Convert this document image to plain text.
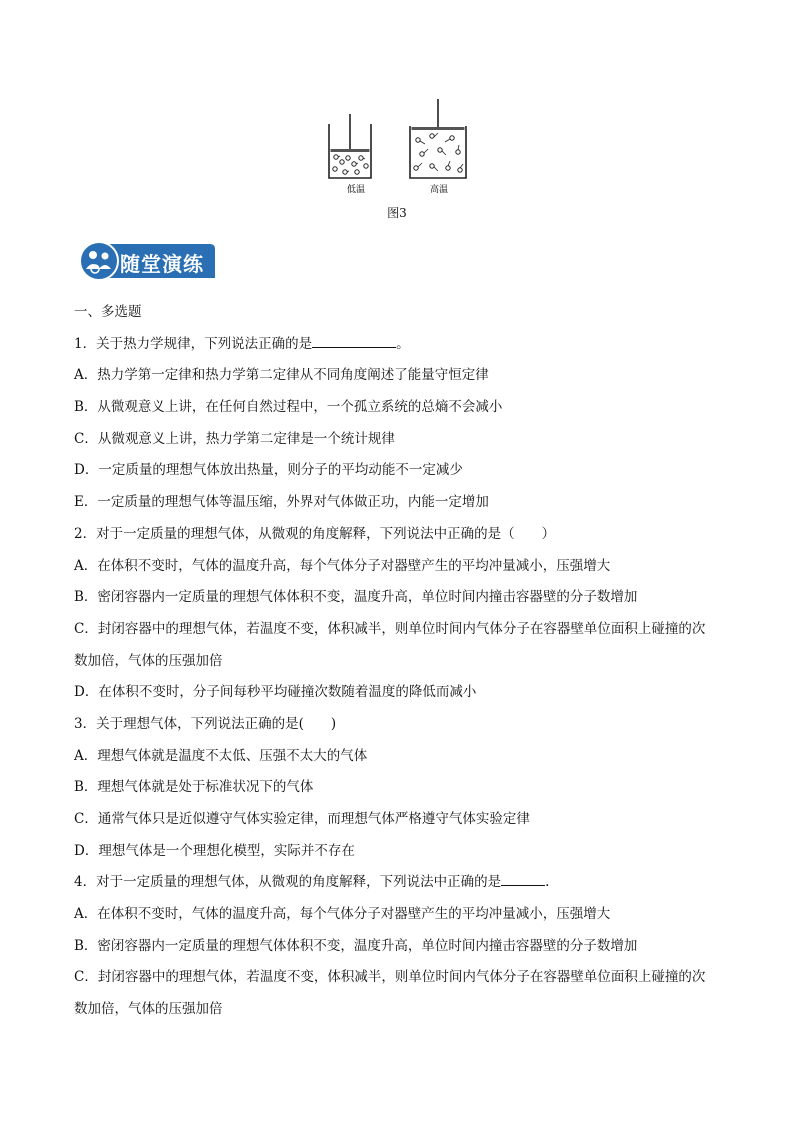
低温	高温
图3
随堂演练
一、多选题
1．关于热力学规律，下列说法正确的是	。
A．热力学第一定律和热力学第二定律从不同角度阐述了能量守恒定律
B．从微观意义上讲，在任何自然过程中，一个孤立系统的总熵不会减小
C．从微观意义上讲，热力学第二定律是一个统计规律
D．一定质量的理想气体放出热量，则分子的平均动能不一定减少
E．一定质量的理想气体等温压缩，外界对气体做正功，内能一定增加
2．对于一定质量的理想气体，从微观的角度解释，下列说法中正确的是（　　）
A．在体积不变时，气体的温度升高，每个气体分子对器壁产生的平均冲量减小，压强增大
B．密闭容器内一定质量的理想气体体积不变，温度升高，单位时间内撞击容器壁的分子数增加
C．封闭容器中的理想气体，若温度不变，体积减半，则单位时间内气体分子在容器壁单位面积上碰撞的次
数加倍，气体的压强加倍
D．在体积不变时，分子间每秒平均碰撞次数随着温度的降低而减小
3．关于理想气体，下列说法正确的是(　　)
A．理想气体就是温度不太低、压强不太大的气体
B．理想气体就是处于标准状况下的气体
C．通常气体只是近似遵守气体实验定律，而理想气体严格遵守气体实验定律
D．理想气体是一个理想化模型，实际并不存在
4．对于一定质量的理想气体，从微观的角度解释，下列说法中正确的是	.
A．在体积不变时，气体的温度升高，每个气体分子对器壁产生的平均冲量减小，压强增大
B．密闭容器内一定质量的理想气体体积不变，温度升高，单位时间内撞击容器壁的分子数增加
C．封闭容器中的理想气体，若温度不变，体积减半，则单位时间内气体分子在容器壁单位面积上碰撞的次
数加倍，气体的压强加倍
